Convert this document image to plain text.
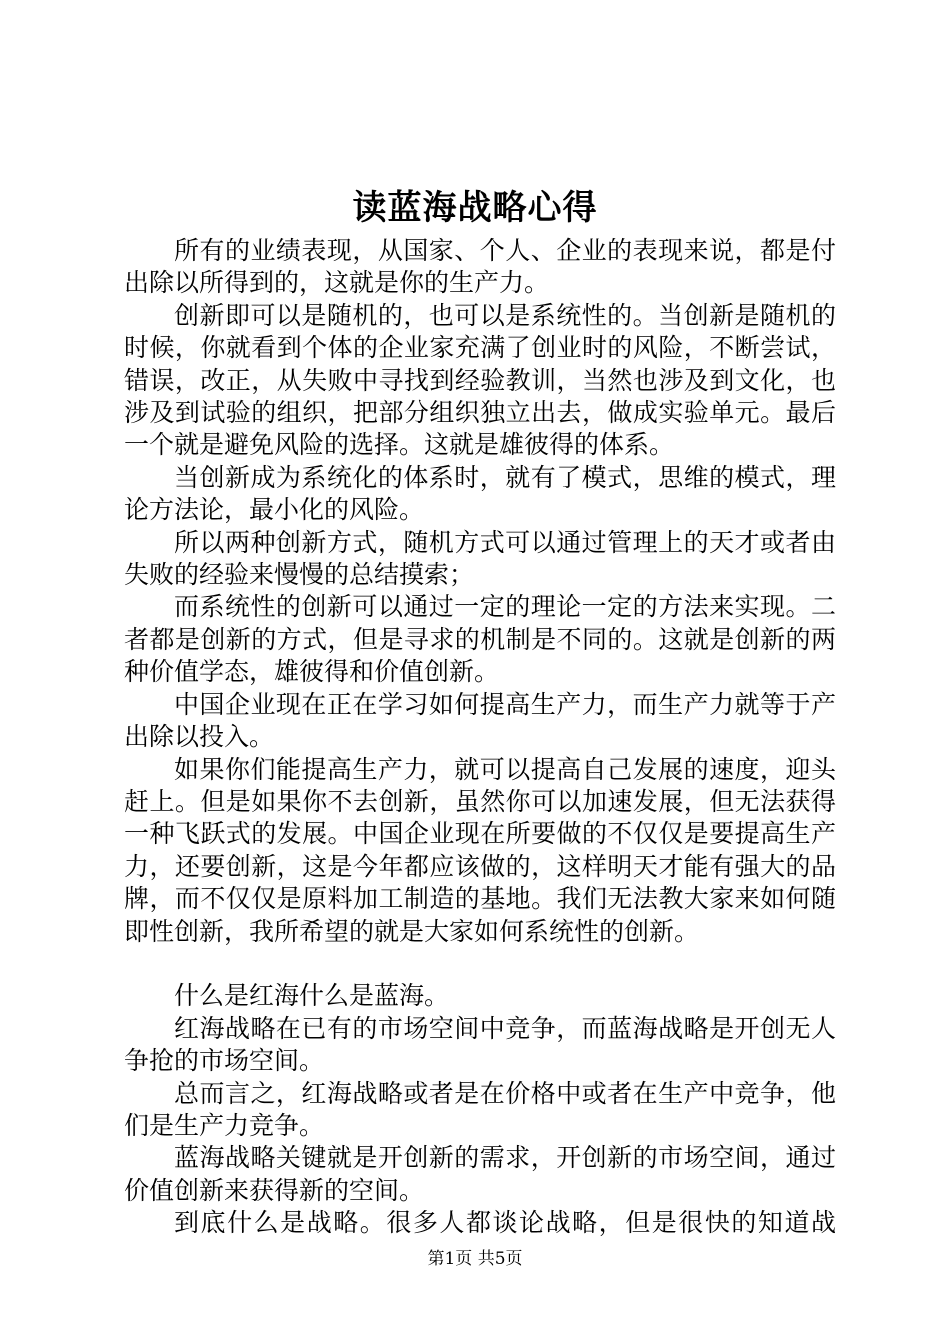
读蓝海战略心得

所有的业绩表现，从国家、个人、企业的表现来说，都是付出除以所得到的，这就是你的生产力。

创新即可以是随机的，也可以是系统性的。当创新是随机的时候，你就看到个体的企业家充满了创业时的风险，不断尝试，错误，改正，从失败中寻找到经验教训，当然也涉及到文化，也涉及到试验的组织，把部分组织独立出去，做成实验单元。最后一个就是避免风险的选择。这就是雄彼得的体系。

当创新成为系统化的体系时，就有了模式，思维的模式，理论方法论，最小化的风险。

所以两种创新方式，随机方式可以通过管理上的天才或者由失败的经验来慢慢的总结摸索；

而系统性的创新可以通过一定的理论一定的方法来实现。二者都是创新的方式，但是寻求的机制是不同的。这就是创新的两种价值学态，雄彼得和价值创新。

中国企业现在正在学习如何提高生产力，而生产力就等于产出除以投入。

如果你们能提高生产力，就可以提高自己发展的速度，迎头赶上。但是如果你不去创新，虽然你可以加速发展，但无法获得一种飞跃式的发展。中国企业现在所要做的不仅仅是要提高生产力，还要创新，这是今年都应该做的，这样明天才能有强大的品牌，而不仅仅是原料加工制造的基地。我们无法教大家来如何随即性创新，我所希望的就是大家如何系统性的创新。

什么是红海什么是蓝海。

红海战略在已有的市场空间中竞争，而蓝海战略是开创无人争抢的市场空间。

总而言之，红海战略或者是在价格中或者在生产中竞争，他们是生产力竞争。

蓝海战略关键就是开创新的需求，开创新的市场空间，通过价值创新来获得新的空间。

到底什么是战略。很多人都谈论战略，但是很快的知道战

第1页 共5页
